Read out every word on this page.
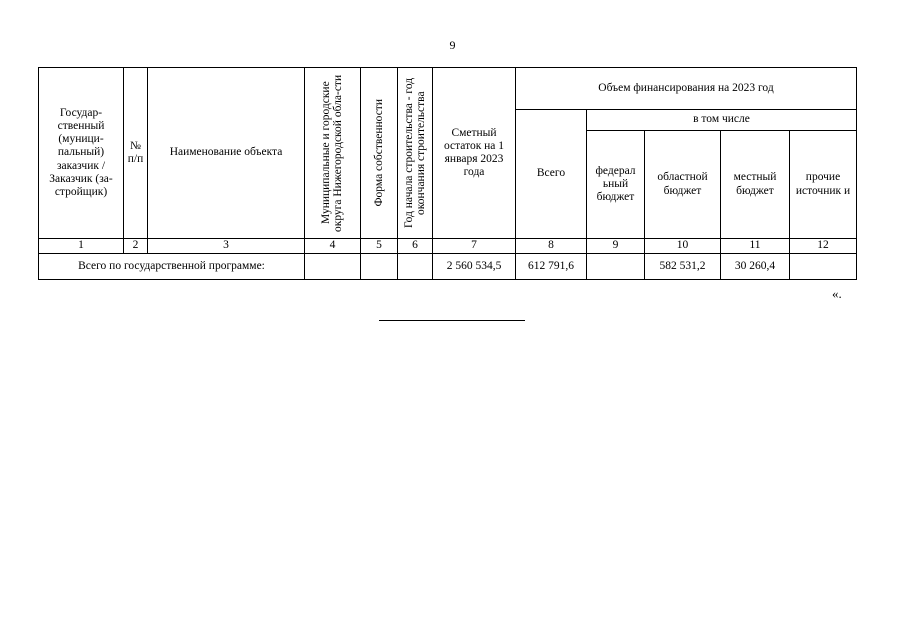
9
Государ-ственный (муници-пальный) заказчик / Заказчик (за-стройщик)	№ п/п	Наименование объекта	Муниципальные и городские округа Нижегородской обла-сти	Форма собственности	Год начала строительства - год окончания строительства	Сметный остаток на 1 января 2023 года	Объем финансирования на 2023 год				
							Всего	в том числе			
								федерал ьный бюджет	областной бюджет	местный бюджет	прочие источник и
1	2	3	4	5	6	7	8	9	10	11	12
Всего по государственной программе:						2 560 534,5	612 791,6		582 531,2	30 260,4	
«.
